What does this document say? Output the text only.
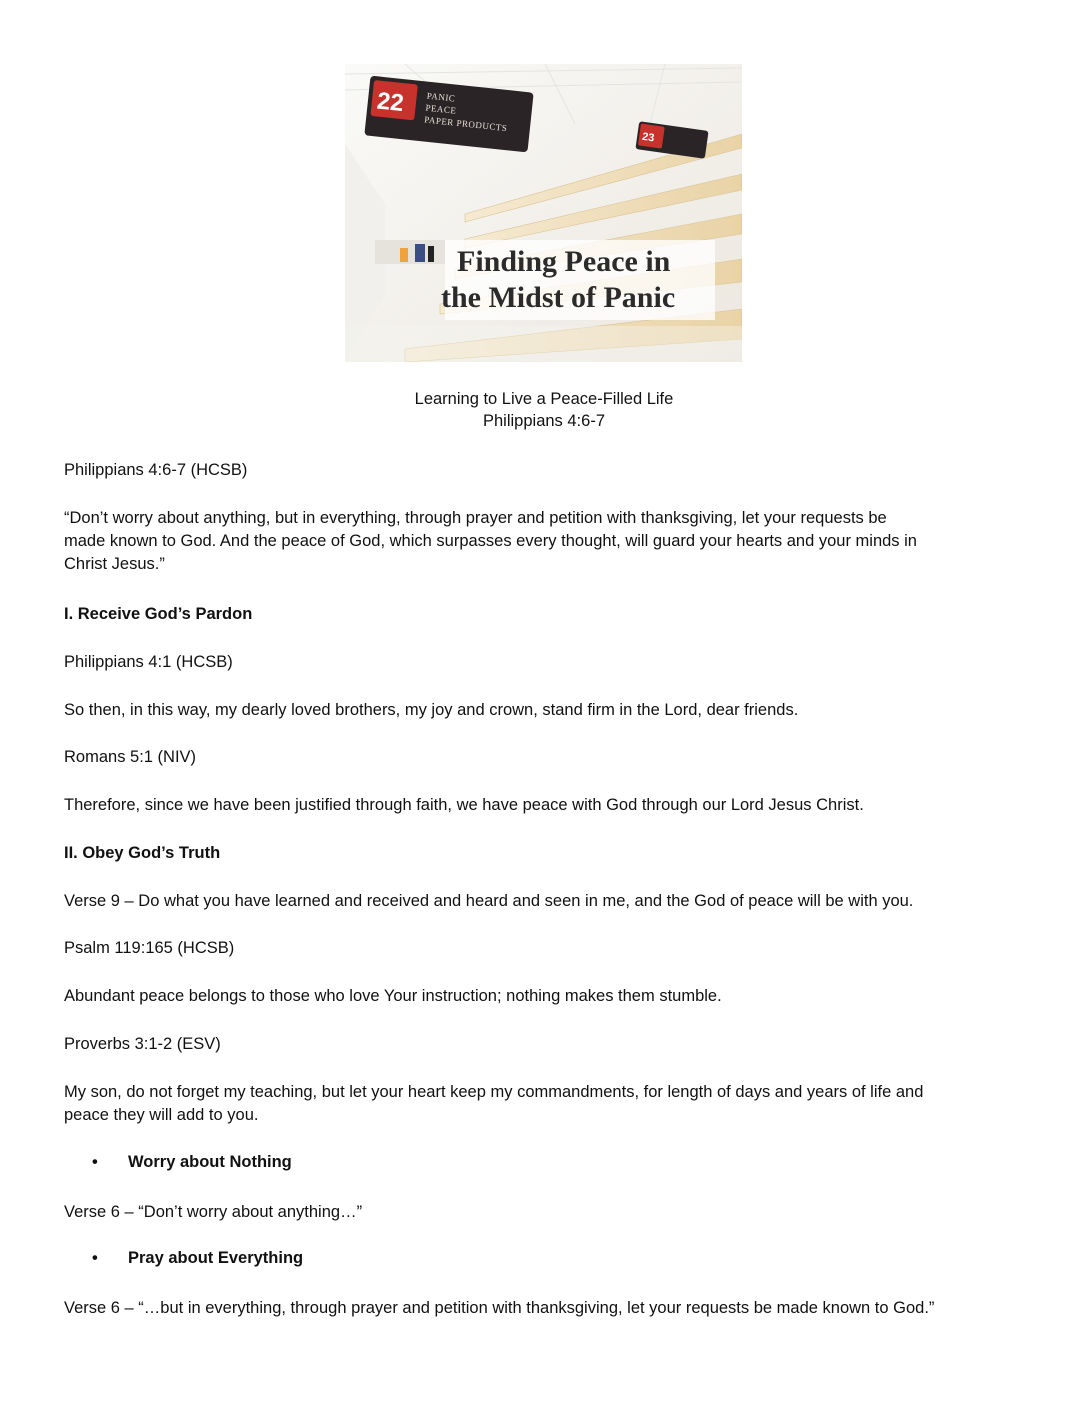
22 PANIC
PEACE
PAPER PRODUCTS
23
Finding Peace in
the Midst of Panic
Learning to Live a Peace-Filled Life
Philippians 4:6-7

Philippians 4:6-7 (HCSB)

“Don’t worry about anything, but in everything, through prayer and petition with thanksgiving, let your requests be
made known to God. And the peace of God, which surpasses every thought, will guard your hearts and your minds in
Christ Jesus.”

I. Receive God’s Pardon

Philippians 4:1 (HCSB)

So then, in this way, my dearly loved brothers, my joy and crown, stand firm in the Lord, dear friends.

Romans 5:1 (NIV)

Therefore, since we have been justified through faith, we have peace with God through our Lord Jesus Christ.

II. Obey God’s Truth

Verse 9 – Do what you have learned and received and heard and seen in me, and the God of peace will be with you.

Psalm 119:165 (HCSB)

Abundant peace belongs to those who love Your instruction; nothing makes them stumble.

Proverbs 3:1-2 (ESV)

My son, do not forget my teaching, but let your heart keep my commandments, for length of days and years of life and
peace they will add to you.
• Worry about Nothing

Verse 6 – “Don’t worry about anything…”

• Pray about Everything

Verse 6 – “…but in everything, through prayer and petition with thanksgiving, let your requests be made known to God.”
